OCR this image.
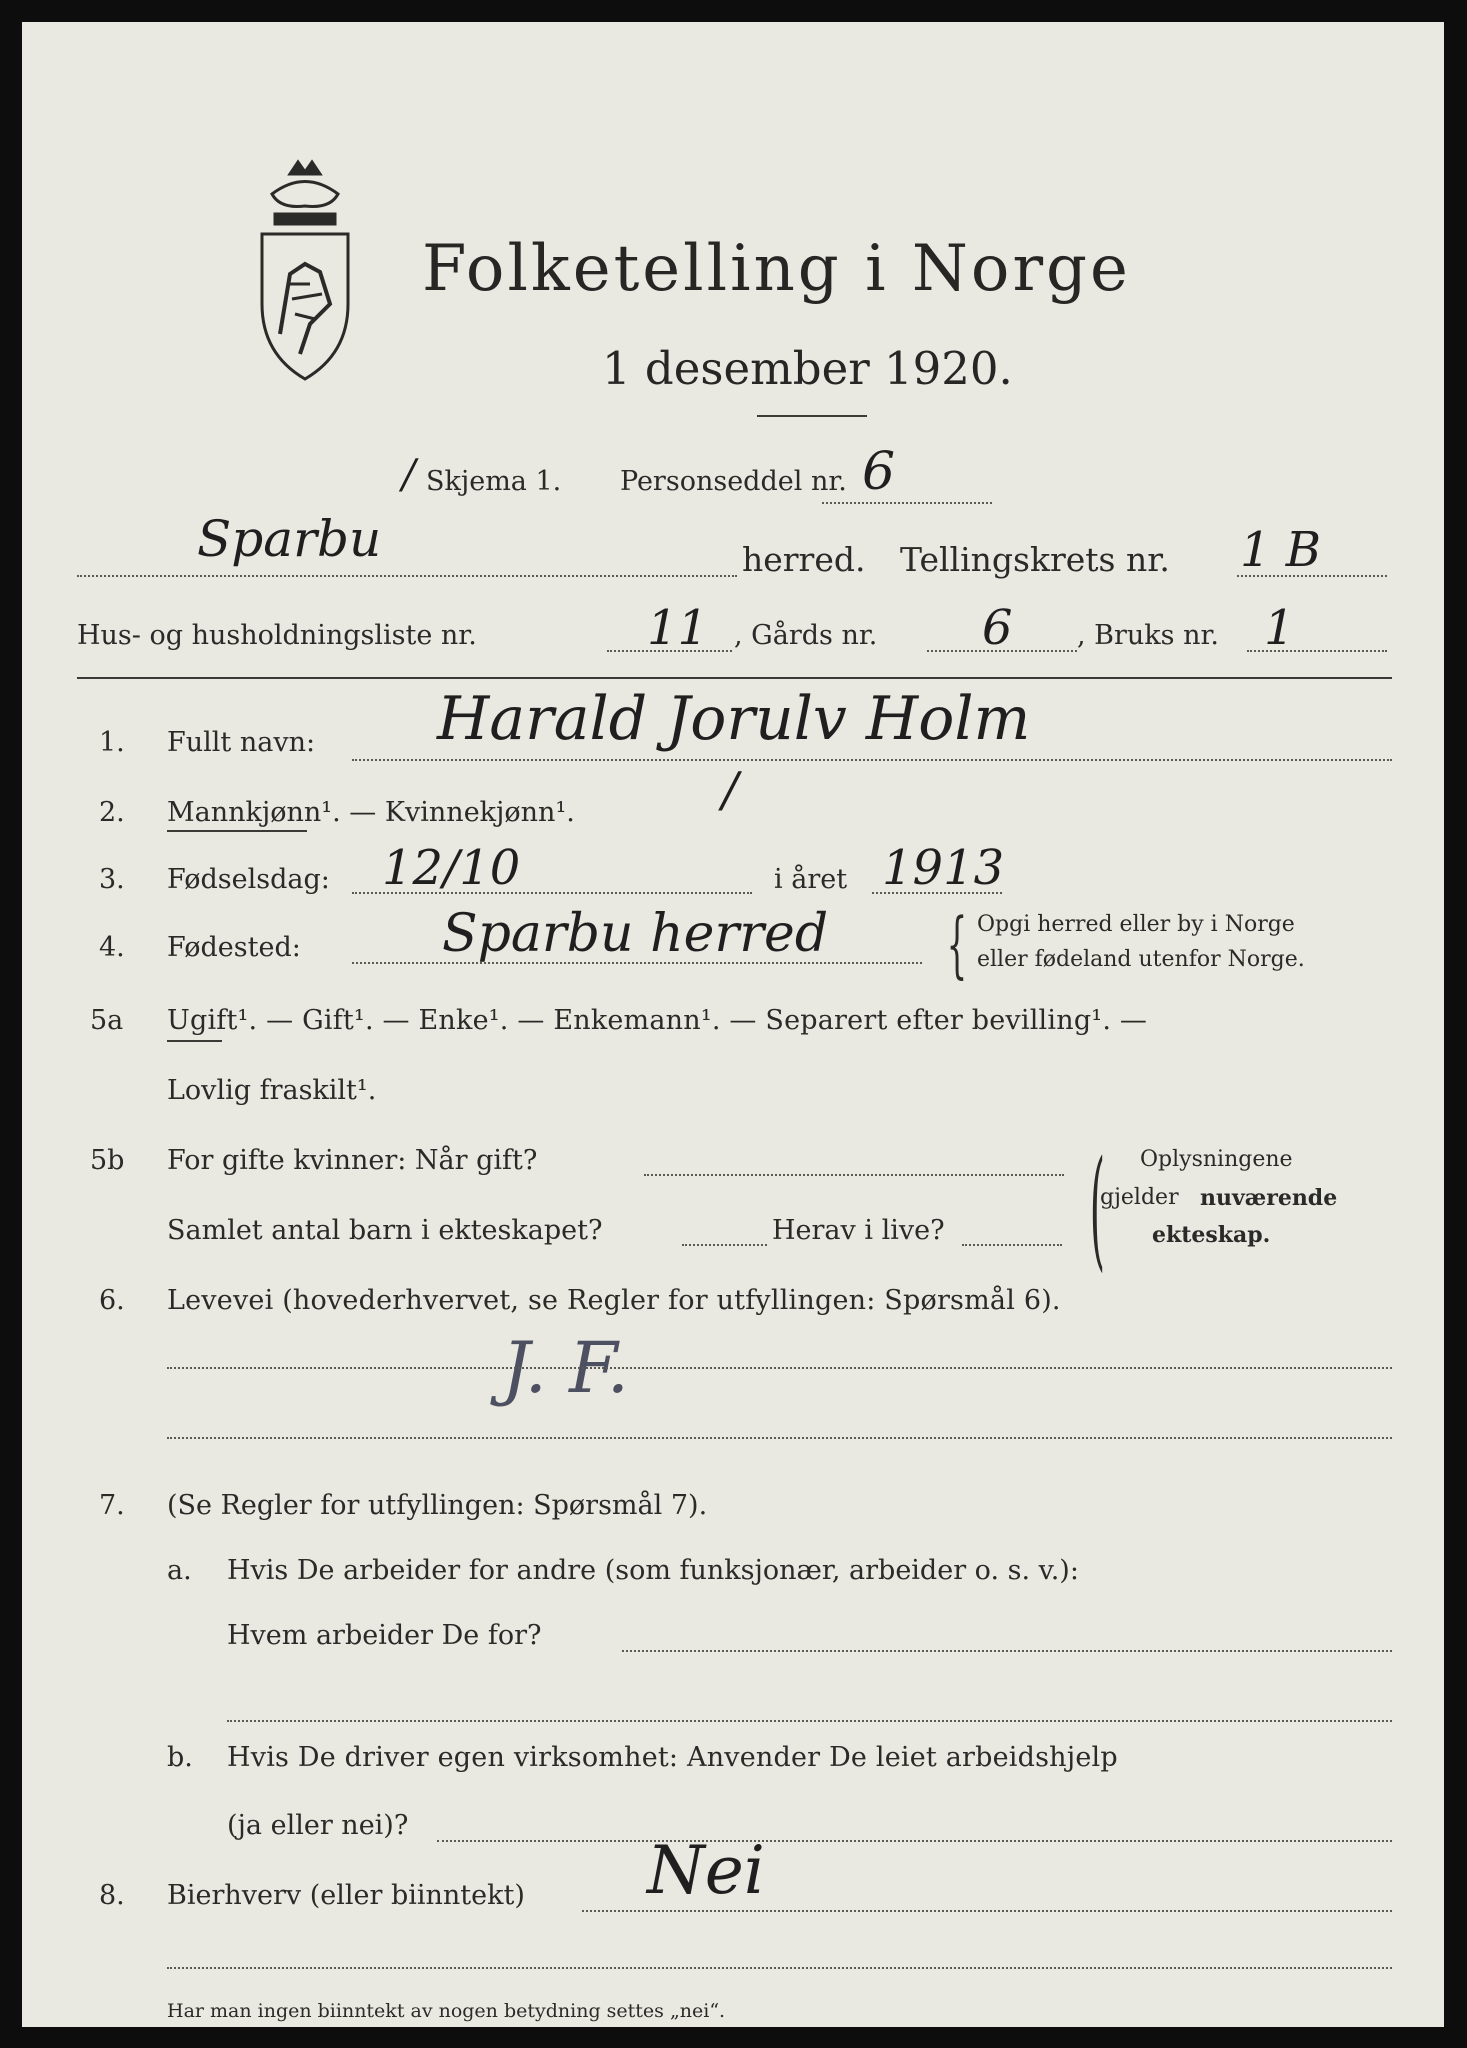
Folketelling i Norge
1 desember 1920.
/ Skjema 1. Personseddel nr. 6
Sparbu	herred. Tellingskrets nr. 1 B
Hus- og husholdningsliste nr.	11 , Gårds nr. 6 , Bruks nr. 1
1. Fullt navn: Harald Jorulv Holm
2. Mannkjønn¹. — Kvinnekjønn¹.	/
3. Fødselsdag: 12/10	i året 1913
4. Fødested:	Sparbu herred { Opgi herred eller by i Norge
eller fødeland utenfor Norge.
5a Ugift¹. — Gift¹. — Enke¹. — Enkemann¹. — Separert efter bevilling¹. —
Lovlig fraskilt¹.
5b For gifte kvinner: Når gift?
Samlet antal barn i ekteskapet?	Herav i live? ( Oplysningene
gjelder nuværende
ekteskap.
6. Levevei (hovederhvervet, se Regler for utfyllingen: Spørsmål 6).
J. F.
7. (Se Regler for utfyllingen: Spørsmål 7).
a. Hvis De arbeider for andre (som funksjonær, arbeider o. s. v.):
Hvem arbeider De for?
b. Hvis De driver egen virksomhet: Anvender De leiet arbeidshjelp
(ja eller nei)?
8. Bierhverv (eller biinntekt) Nei
Har man ingen biinntekt av nogen betydning settes „nei“.
